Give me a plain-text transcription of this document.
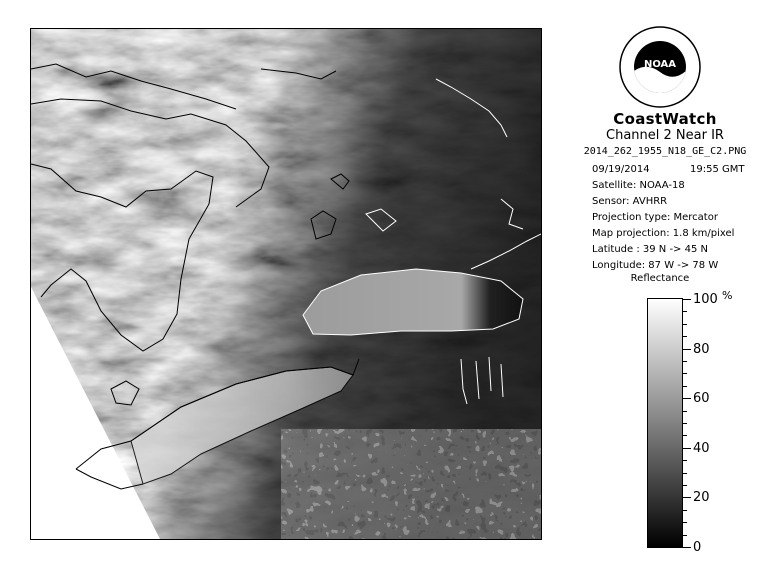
NOAA
CoastWatch
Channel 2 Near IR
2014_262_1955_N18_GE_C2.PNG
09/19/2014	19:55 GMT
Satellite: NOAA-18
Sensor: AVHRR
Projection type: Mercator
Map projection: 1.8 km/pixel
Latitude : 39 N -> 45 N
Longitude: 87 W -> 78 W
Reflectance
%
100
80
60
40
20
0
